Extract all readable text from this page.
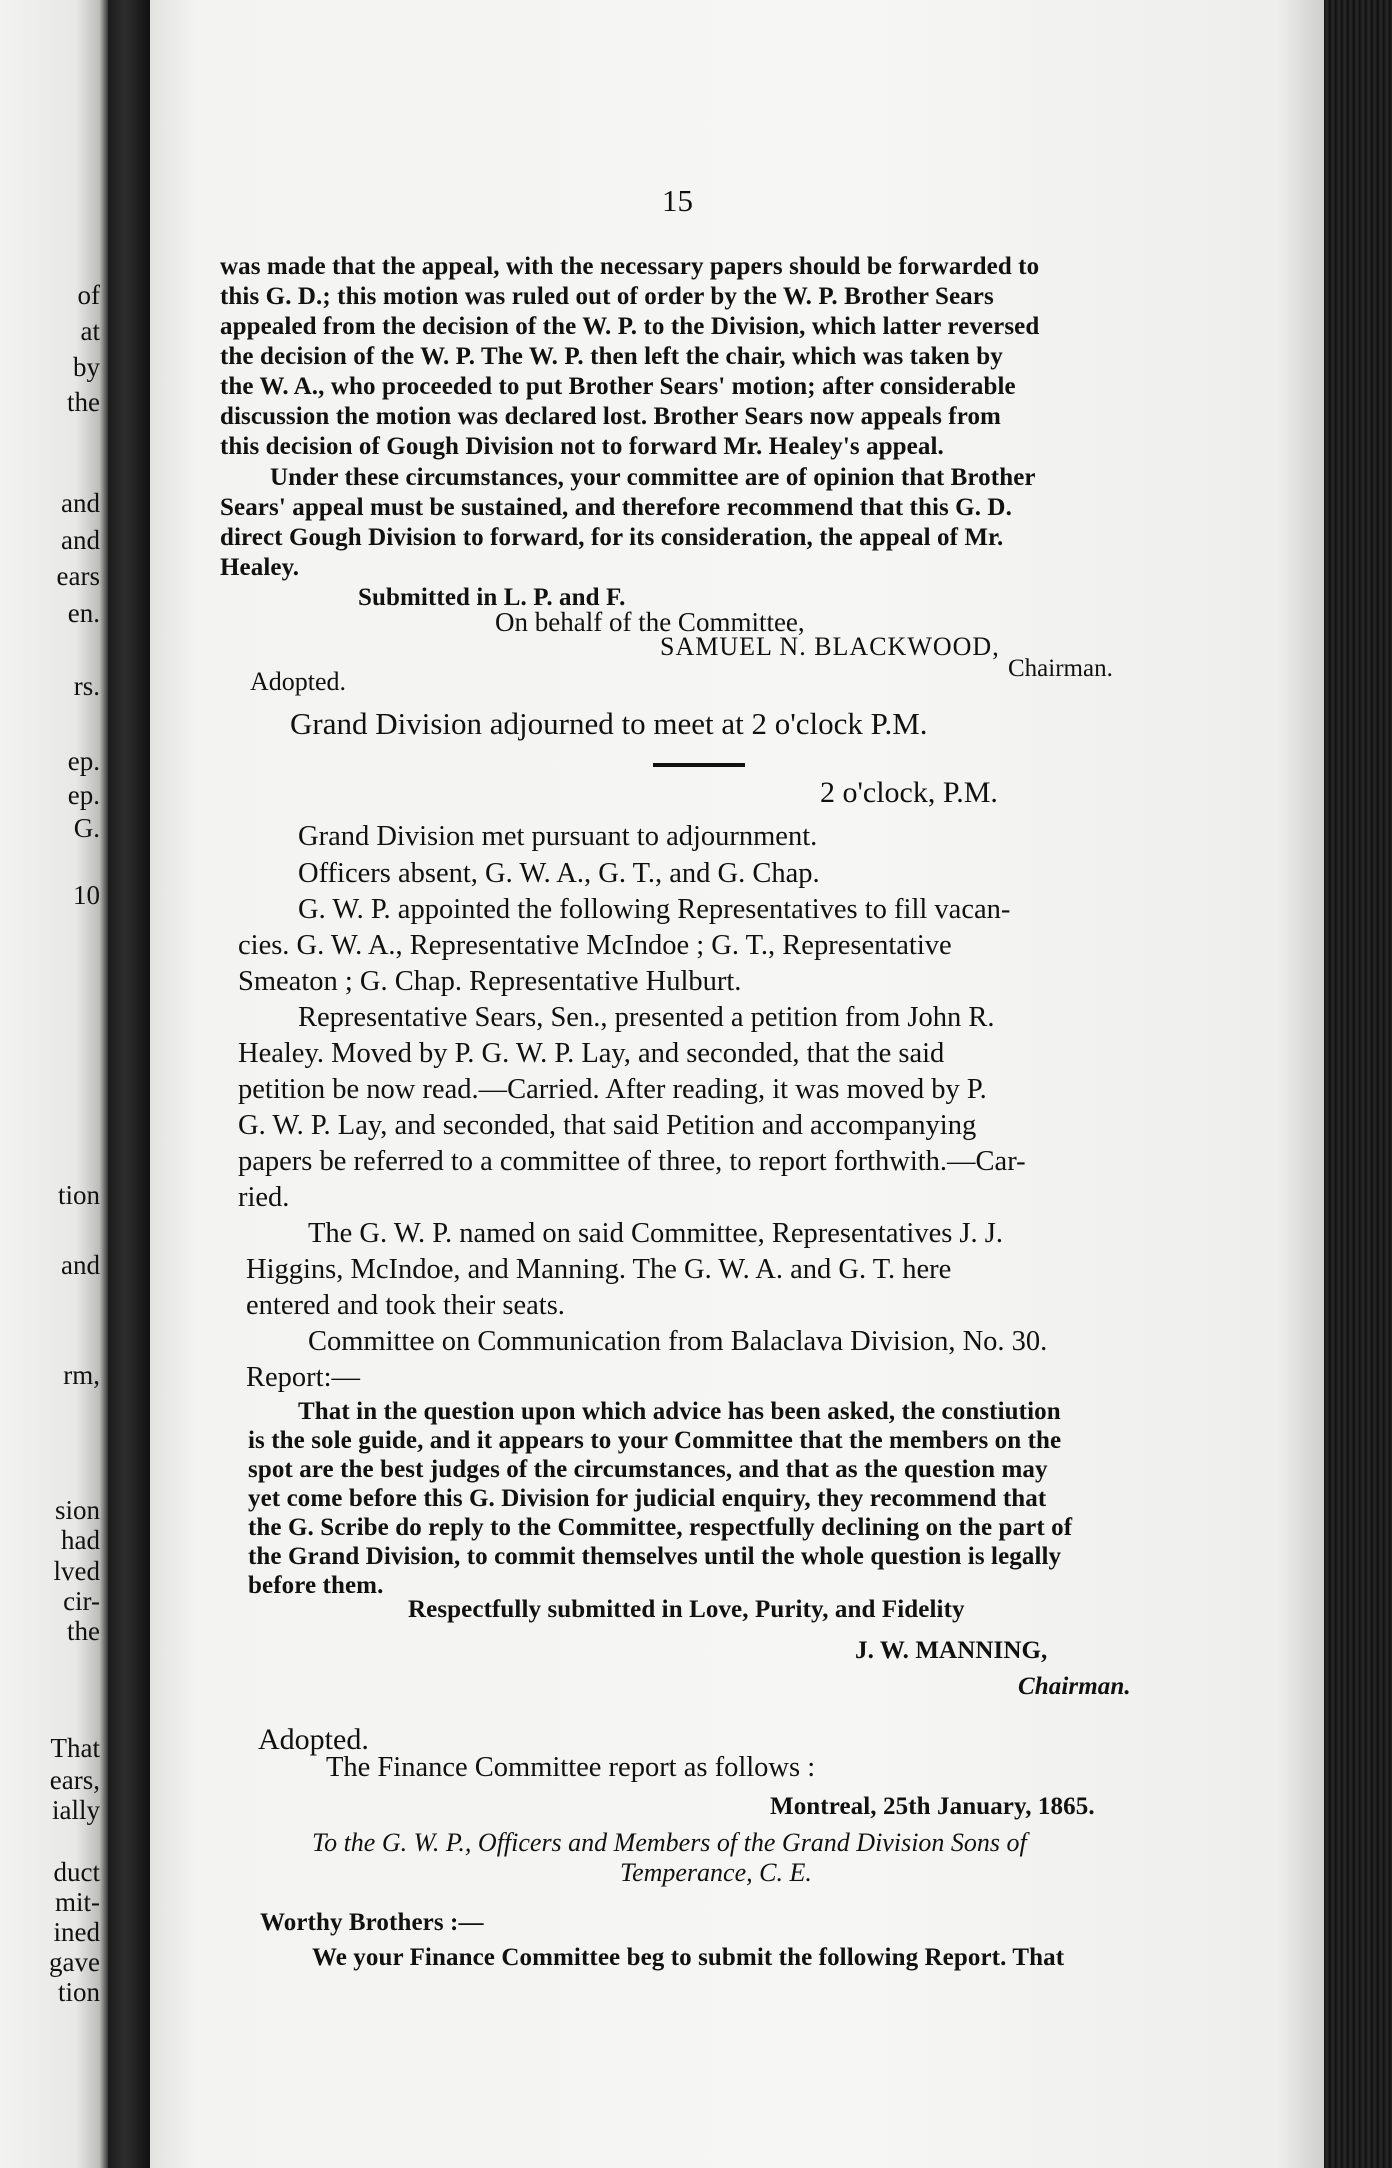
of
at
by
the
and
and
ears
en.
rs.
ep.
ep.
G.
10
tion
and
rm,
sion
had
lved
cir-
the
That
ears,
ially
duct
mit-
ined
gave
tion
15
was made that the appeal, with the necessary papers should be forwarded to
this G. D.; this motion was ruled out of order by the W. P. Brother Sears
appealed from the decision of the W. P. to the Division, which latter reversed
the decision of the W. P. The W. P. then left the chair, which was taken by
the W. A., who proceeded to put Brother Sears' motion; after considerable
discussion the motion was declared lost. Brother Sears now appeals from
this decision of Gough Division not to forward Mr. Healey's appeal.
Under these circumstances, your committee are of opinion that Brother
Sears' appeal must be sustained, and therefore recommend that this G. D.
direct Gough Division to forward, for its consideration, the appeal of Mr.
Healey.
Submitted in L. P. and F.
On behalf of the Committee,
SAMUEL N. BLACKWOOD,
Chairman.
Adopted.
Grand Division adjourned to meet at 2 o'clock P.M.
2 o'clock, P.M.
Grand Division met pursuant to adjournment.
Officers absent, G. W. A., G. T., and G. Chap.
G. W. P. appointed the following Representatives to fill vacan-
cies. G. W. A., Representative McIndoe ; G. T., Representative
Smeaton ; G. Chap. Representative Hulburt.
Representative Sears, Sen., presented a petition from John R.
Healey. Moved by P. G. W. P. Lay, and seconded, that the said
petition be now read.—Carried. After reading, it was moved by P.
G. W. P. Lay, and seconded, that said Petition and accompanying
papers be referred to a committee of three, to report forthwith.—Car-
ried.
The G. W. P. named on said Committee, Representatives J. J.
Higgins, McIndoe, and Manning. The G. W. A. and G. T. here
entered and took their seats.
Committee on Communication from Balaclava Division, No. 30.
Report:—
That in the question upon which advice has been asked, the constiution
is the sole guide, and it appears to your Committee that the members on the
spot are the best judges of the circumstances, and that as the question may
yet come before this G. Division for judicial enquiry, they recommend that
the G. Scribe do reply to the Committee, respectfully declining on the part of
the Grand Division, to commit themselves until the whole question is legally
before them.
Respectfully submitted in Love, Purity, and Fidelity
J. W. MANNING,
Chairman.
Adopted.
The Finance Committee report as follows :
Montreal, 25th January, 1865.
To the G. W. P., Officers and Members of the Grand Division Sons of
Temperance, C. E.
Worthy Brothers :—
We your Finance Committee beg to submit the following Report. That
